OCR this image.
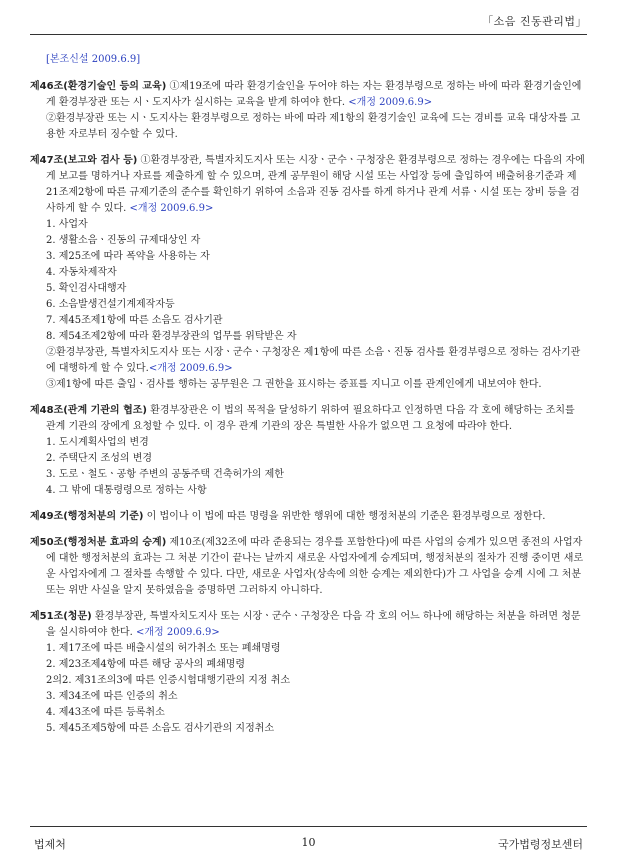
「소음 진동관리법」
[본조신설 2009.6.9]

제46조(환경기술인 등의 교육) ①제19조에 따라 환경기술인을 두어야 하는 자는 환경부령으로 정하는 바에 따라 환경기술인에게 환경부장관 또는 시ㆍ도지사가 실시하는 교육을 받게 하여야 한다. <개정 2009.6.9>

②환경부장관 또는 시ㆍ도지사는 환경부령으로 정하는 바에 따라 제1항의 환경기술인 교육에 드는 경비를 교육 대상자를 고용한 자로부터 징수할 수 있다.

제47조(보고와 검사 등) ①환경부장관, 특별자치도지사 또는 시장ㆍ군수ㆍ구청장은 환경부령으로 정하는 경우에는 다음의 자에게 보고를 명하거나 자료를 제출하게 할 수 있으며, 관계 공무원이 해당 시설 또는 사업장 등에 출입하여 배출허용기준과 제21조제2항에 따른 규제기준의 준수를 확인하기 위하여 소음과 진동 검사를 하게 하거나 관계 서류ㆍ시설 또는 장비 등을 검사하게 할 수 있다. <개정 2009.6.9>

1. 사업자
2. 생활소음ㆍ진동의 규제대상인 자
3. 제25조에 따라 폭약을 사용하는 자
4. 자동차제작자
5. 확인검사대행자
6. 소음발생건설기계제작자등
7. 제45조제1항에 따른 소음도 검사기관
8. 제54조제2항에 따라 환경부장관의 업무를 위탁받은 자

②환경부장관, 특별자치도지사 또는 시장ㆍ군수ㆍ구청장은 제1항에 따른 소음ㆍ진동 검사를 환경부령으로 정하는 검사기관에 대행하게 할 수 있다.<개정 2009.6.9>

③제1항에 따른 출입ㆍ검사를 행하는 공무원은 그 권한을 표시하는 증표를 지니고 이를 관계인에게 내보여야 한다.

제48조(관계 기관의 협조) 환경부장관은 이 법의 목적을 달성하기 위하여 필요하다고 인정하면 다음 각 호에 해당하는 조치를 관계 기관의 장에게 요청할 수 있다. 이 경우 관계 기관의 장은 특별한 사유가 없으면 그 요청에 따라야 한다.

1. 도시계획사업의 변경
2. 주택단지 조성의 변경
3. 도로ㆍ철도ㆍ공항 주변의 공동주택 건축허가의 제한
4. 그 밖에 대통령령으로 정하는 사항

제49조(행정처분의 기준) 이 법이나 이 법에 따른 명령을 위반한 행위에 대한 행정처분의 기준은 환경부령으로 정한다.

제50조(행정처분 효과의 승계) 제10조(제32조에 따라 준용되는 경우를 포함한다)에 따른 사업의 승계가 있으면 종전의 사업자에 대한 행정처분의 효과는 그 처분 기간이 끝나는 날까지 새로운 사업자에게 승계되며, 행정처분의 절차가 진행 중이면 새로운 사업자에게 그 절차를 속행할 수 있다. 다만, 새로운 사업자(상속에 의한 승계는 제외한다)가 그 사업을 승계 시에 그 처분 또는 위반 사실을 알지 못하였음을 증명하면 그러하지 아니하다.

제51조(청문) 환경부장관, 특별자치도지사 또는 시장ㆍ군수ㆍ구청장은 다음 각 호의 어느 하나에 해당하는 처분을 하려면 청문을 실시하여야 한다. <개정 2009.6.9>

1. 제17조에 따른 배출시설의 허가취소 또는 폐쇄명령
2. 제23조제4항에 따른 해당 공사의 폐쇄명령
2의2. 제31조의3에 따른 인증시험대행기관의 지정 취소
3. 제34조에 따른 인증의 취소
4. 제43조에 따른 등록취소
5. 제45조제5항에 따른 소음도 검사기관의 지정취소
법제처	10	국가법령정보센터
